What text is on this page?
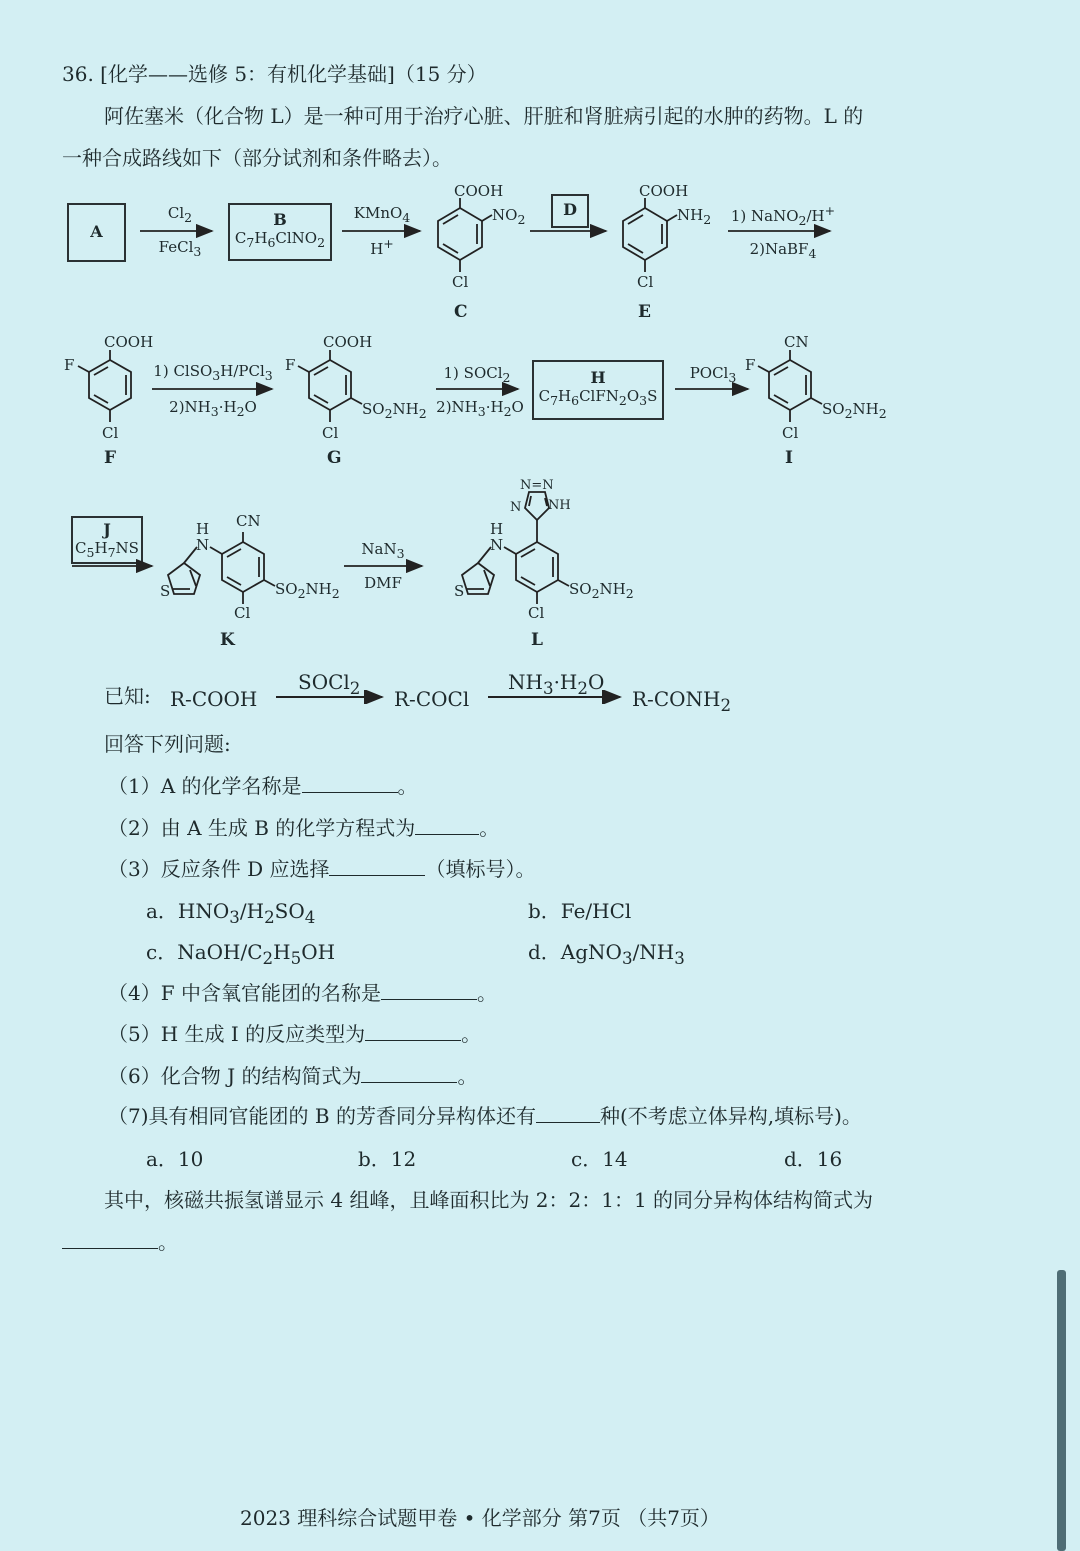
36. [化学——选修 5：有机化学基础]（15 分）
阿佐塞米（化合物 L）是一种可用于治疗心脏、肝脏和肾脏病引起的水肿的药物。L 的
一种合成路线如下（部分试剂和条件略去）。
A
$Cl_2$
FeCl$_3$
B
$C_7H_6ClNO_2$
KMnO$_4$
H+
D	1) NaNO$_2$/H+
2)NaBF$_4$
1) ClSO$_3$H/PCl$_3$
$2)NH_3\cdot H_2O$
1) SOCl$_2$
$2)NH_3\cdot H_2O$
H
$C_7H_6ClFN_2O_3S$
POCl$_3$
J
$C_5H_7NS$	NaN$_3$
DMF
COOH
$NO_2$
Cl
C
COOH
$NH_2$
Cl
E
COOH
F
Cl
F
COOH
F
Cl
$SO_2NH_2$
G
CN
F
Cl
$SO_2NH_2$
I
CN
H
N
S
Cl
$SO_2NH_2$
K
H
N
S
Cl
$SO_2NH_2$
N=N
N NH
L
已知: R-COOH
SOCl$_2$ R-COCl
$NH_3\cdot H_2O$
$R-CONH_2$
回答下列问题:
（1）A 的化学名称是	。
（2）由 A 生成 B 的化学方程式为	。
（3）反应条件 D 应选择	（填标号）。
a．$HNO_3/H_2SO_4$	b．Fe/HCl
c．NaOH/$C_2H_5OH$	d．$AgNO_3/NH_3$
（4）F 中含氧官能团的名称是	。
（5）H 生成 I 的反应类型为	。
（6）化合物 J 的结构简式为	。
（7)具有相同官能团的 B 的芳香同分异构体还有	种(不考虑立体异构,填标号)。
a．10	b．12	c．14	d．16
其中，核磁共振氢谱显示 4 组峰，且峰面积比为 2：2：1：1 的同分异构体结构简式为
。
2023 理科综合试题甲卷 • 化学部分 第7页 （共7页）
